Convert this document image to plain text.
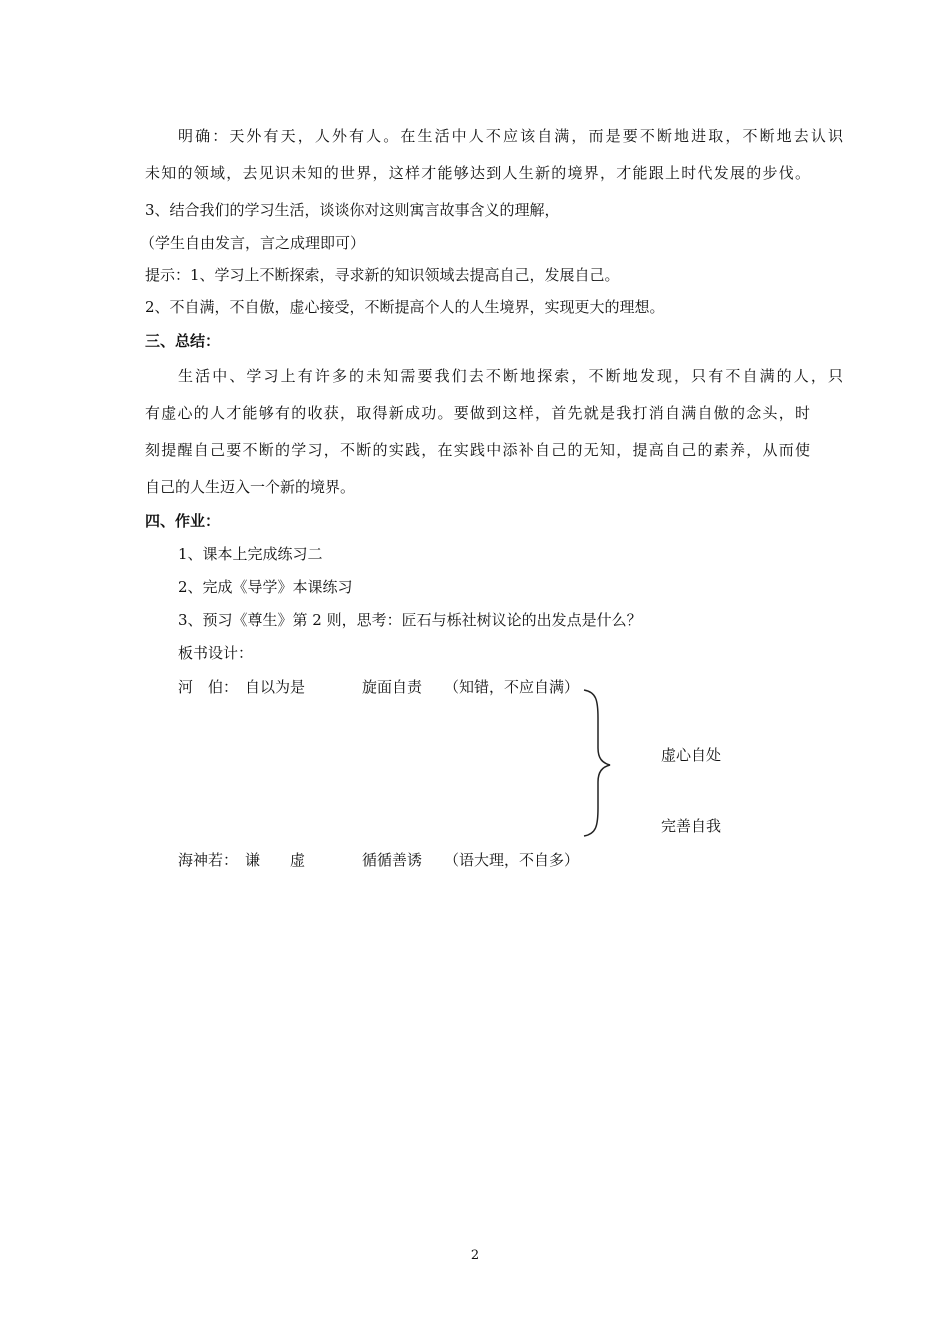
明确：天外有天，人外有人。在生活中人不应该自满，而是要不断地进取，不断地去认识
未知的领域，去见识未知的世界，这样才能够达到人生新的境界，才能跟上时代发展的步伐。
3、结合我们的学习生活，谈谈你对这则寓言故事含义的理解，
（学生自由发言，言之成理即可）
提示：1、学习上不断探索，寻求新的知识领域去提高自己，发展自己。
2、不自满，不自傲，虚心接受，不断提高个人的人生境界，实现更大的理想。
三、总结：
生活中、学习上有许多的未知需要我们去不断地探索，不断地发现，只有不自满的人，只
有虚心的人才能够有的收获，取得新成功。要做到这样，首先就是我打消自满自傲的念头，时
刻提醒自己要不断的学习，不断的实践，在实践中添补自己的无知，提高自己的素养，从而使
自己的人生迈入一个新的境界。
四、作业：
1、课本上完成练习二
2、完成《导学》本课练习
3、预习《尊生》第 2 则，思考：匠石与栎社树议论的出发点是什么？
板书设计：
河　伯： 自以为是	旋面自责 （知错，不应自满）
虚心自处
完善自我
海神若： 谦　　虚	循循善诱 （语大理，不自多）
2
